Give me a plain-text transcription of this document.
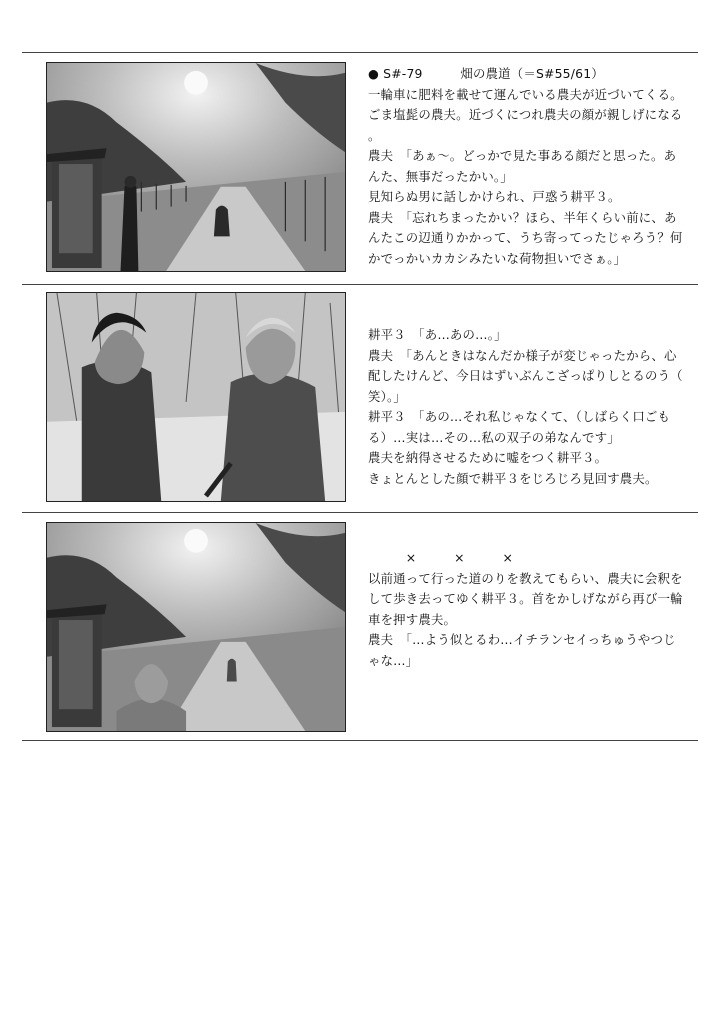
● S#-79　　　畑の農道（＝S#55/61）
一輪車に肥料を載せて運んでいる農夫が近づいてくる。
ごま塩髭の農夫。近づくにつれ農夫の顔が親しげになる
。
農夫　「あぁ～。どっかで見た事ある顔だと思った。あ
んた、無事だったかい。」
見知らぬ男に話しかけられ、戸惑う耕平３。
農夫　「忘れちまったかい？ほら、半年くらい前に、あ
んたこの辺通りかかって、うち寄ってったじゃろう？何
かでっかいカカシみたいな荷物担いでさぁ。」
耕平３　「あ…あの…。」
農夫　「あんときはなんだか様子が変じゃったから、心
配したけんど、今日はずいぶんこざっぱりしとるのう（
笑）。」
耕平３　「あの…それ私じゃなくて、（しばらく口ごも
る）…実は…その…私の双子の弟なんです」
農夫を納得させるために嘘をつく耕平３。
きょとんとした顔で耕平３をじろじろ見回す農夫。
　　　×　　　×　　　×
以前通って行った道のりを教えてもらい、農夫に会釈を
して歩き去ってゆく耕平３。首をかしげながら再び一輪
車を押す農夫。
農夫　「…よう似とるわ…イチランセイっちゅうやつじ
ゃな…」
